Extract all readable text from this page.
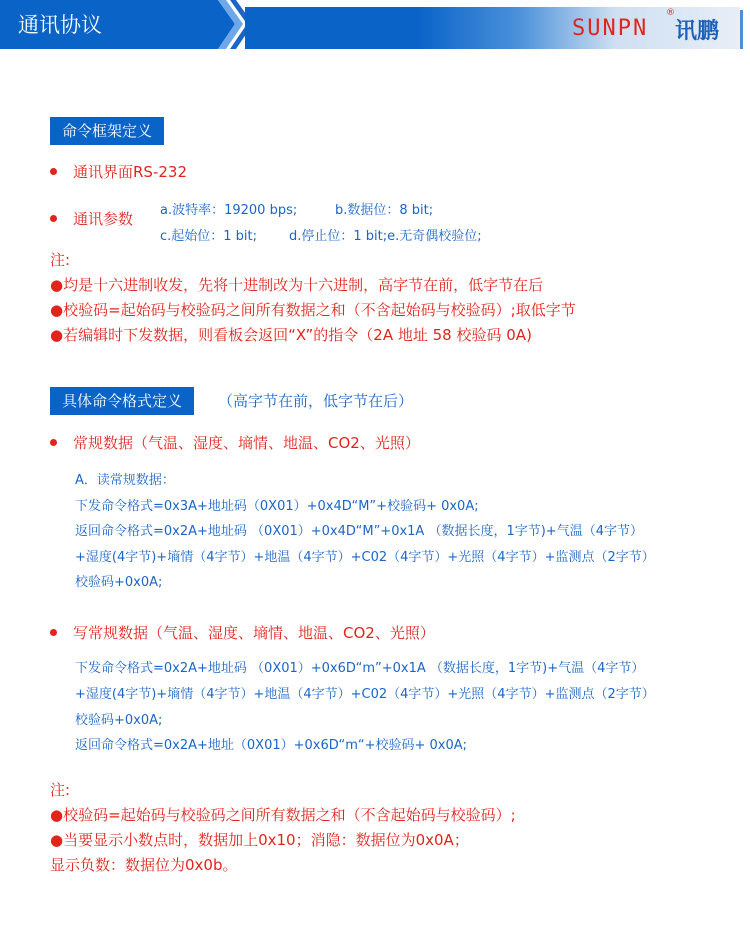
通讯协议	SUNPN
®
讯鹏
命令框架定义
通讯界面RS-232
通讯参数 a.波特率：19200 bps;	b.数据位：8 bit;
c.起始位：1 bit; d.停止位：1 bit;e.无奇偶校验位;
注:
●均是十六进制收发，先将十进制改为十六进制，高字节在前，低字节在后
●校验码=起始码与校验码之间所有数据之和（不含起始码与校验码）;取低字节
●若编辑时下发数据，则看板会返回“X”的指令（2A 地址 58 校验码 0A)
具体命令格式定义	（高字节在前，低字节在后）
常规数据（气温、湿度、墒情、地温、CO2、光照）
A．读常规数据：
下发命令格式=0x3A+地址码（0X01）+0x4D“M”+校验码+ 0x0A;
返回命令格式=0x2A+地址码 （0X01）+0x4D“M”+0x1A （数据长度，1字节)+气温（4字节）
+湿度(4字节)+墒情（4字节）+地温（4字节）+C02（4字节）+光照（4字节）+监测点（2字节）
校验码+0x0A;
写常规数据（气温、湿度、墒情、地温、CO2、光照）
下发命令格式=0x2A+地址码 （0X01）+0x6D“m”+0x1A （数据长度，1字节)+气温（4字节）
+湿度(4字节)+墒情（4字节）+地温（4字节）+C02（4字节）+光照（4字节）+监测点（2字节）
校验码+0x0A;
返回命令格式=0x2A+地址（0X01）+0x6D“m“+校验码+ 0x0A;
注:
●校验码=起始码与校验码之间所有数据之和（不含起始码与校验码）;
●当要显示小数点时，数据加上0x10；消隐：数据位为0x0A；
显示负数：数据位为0x0b。
